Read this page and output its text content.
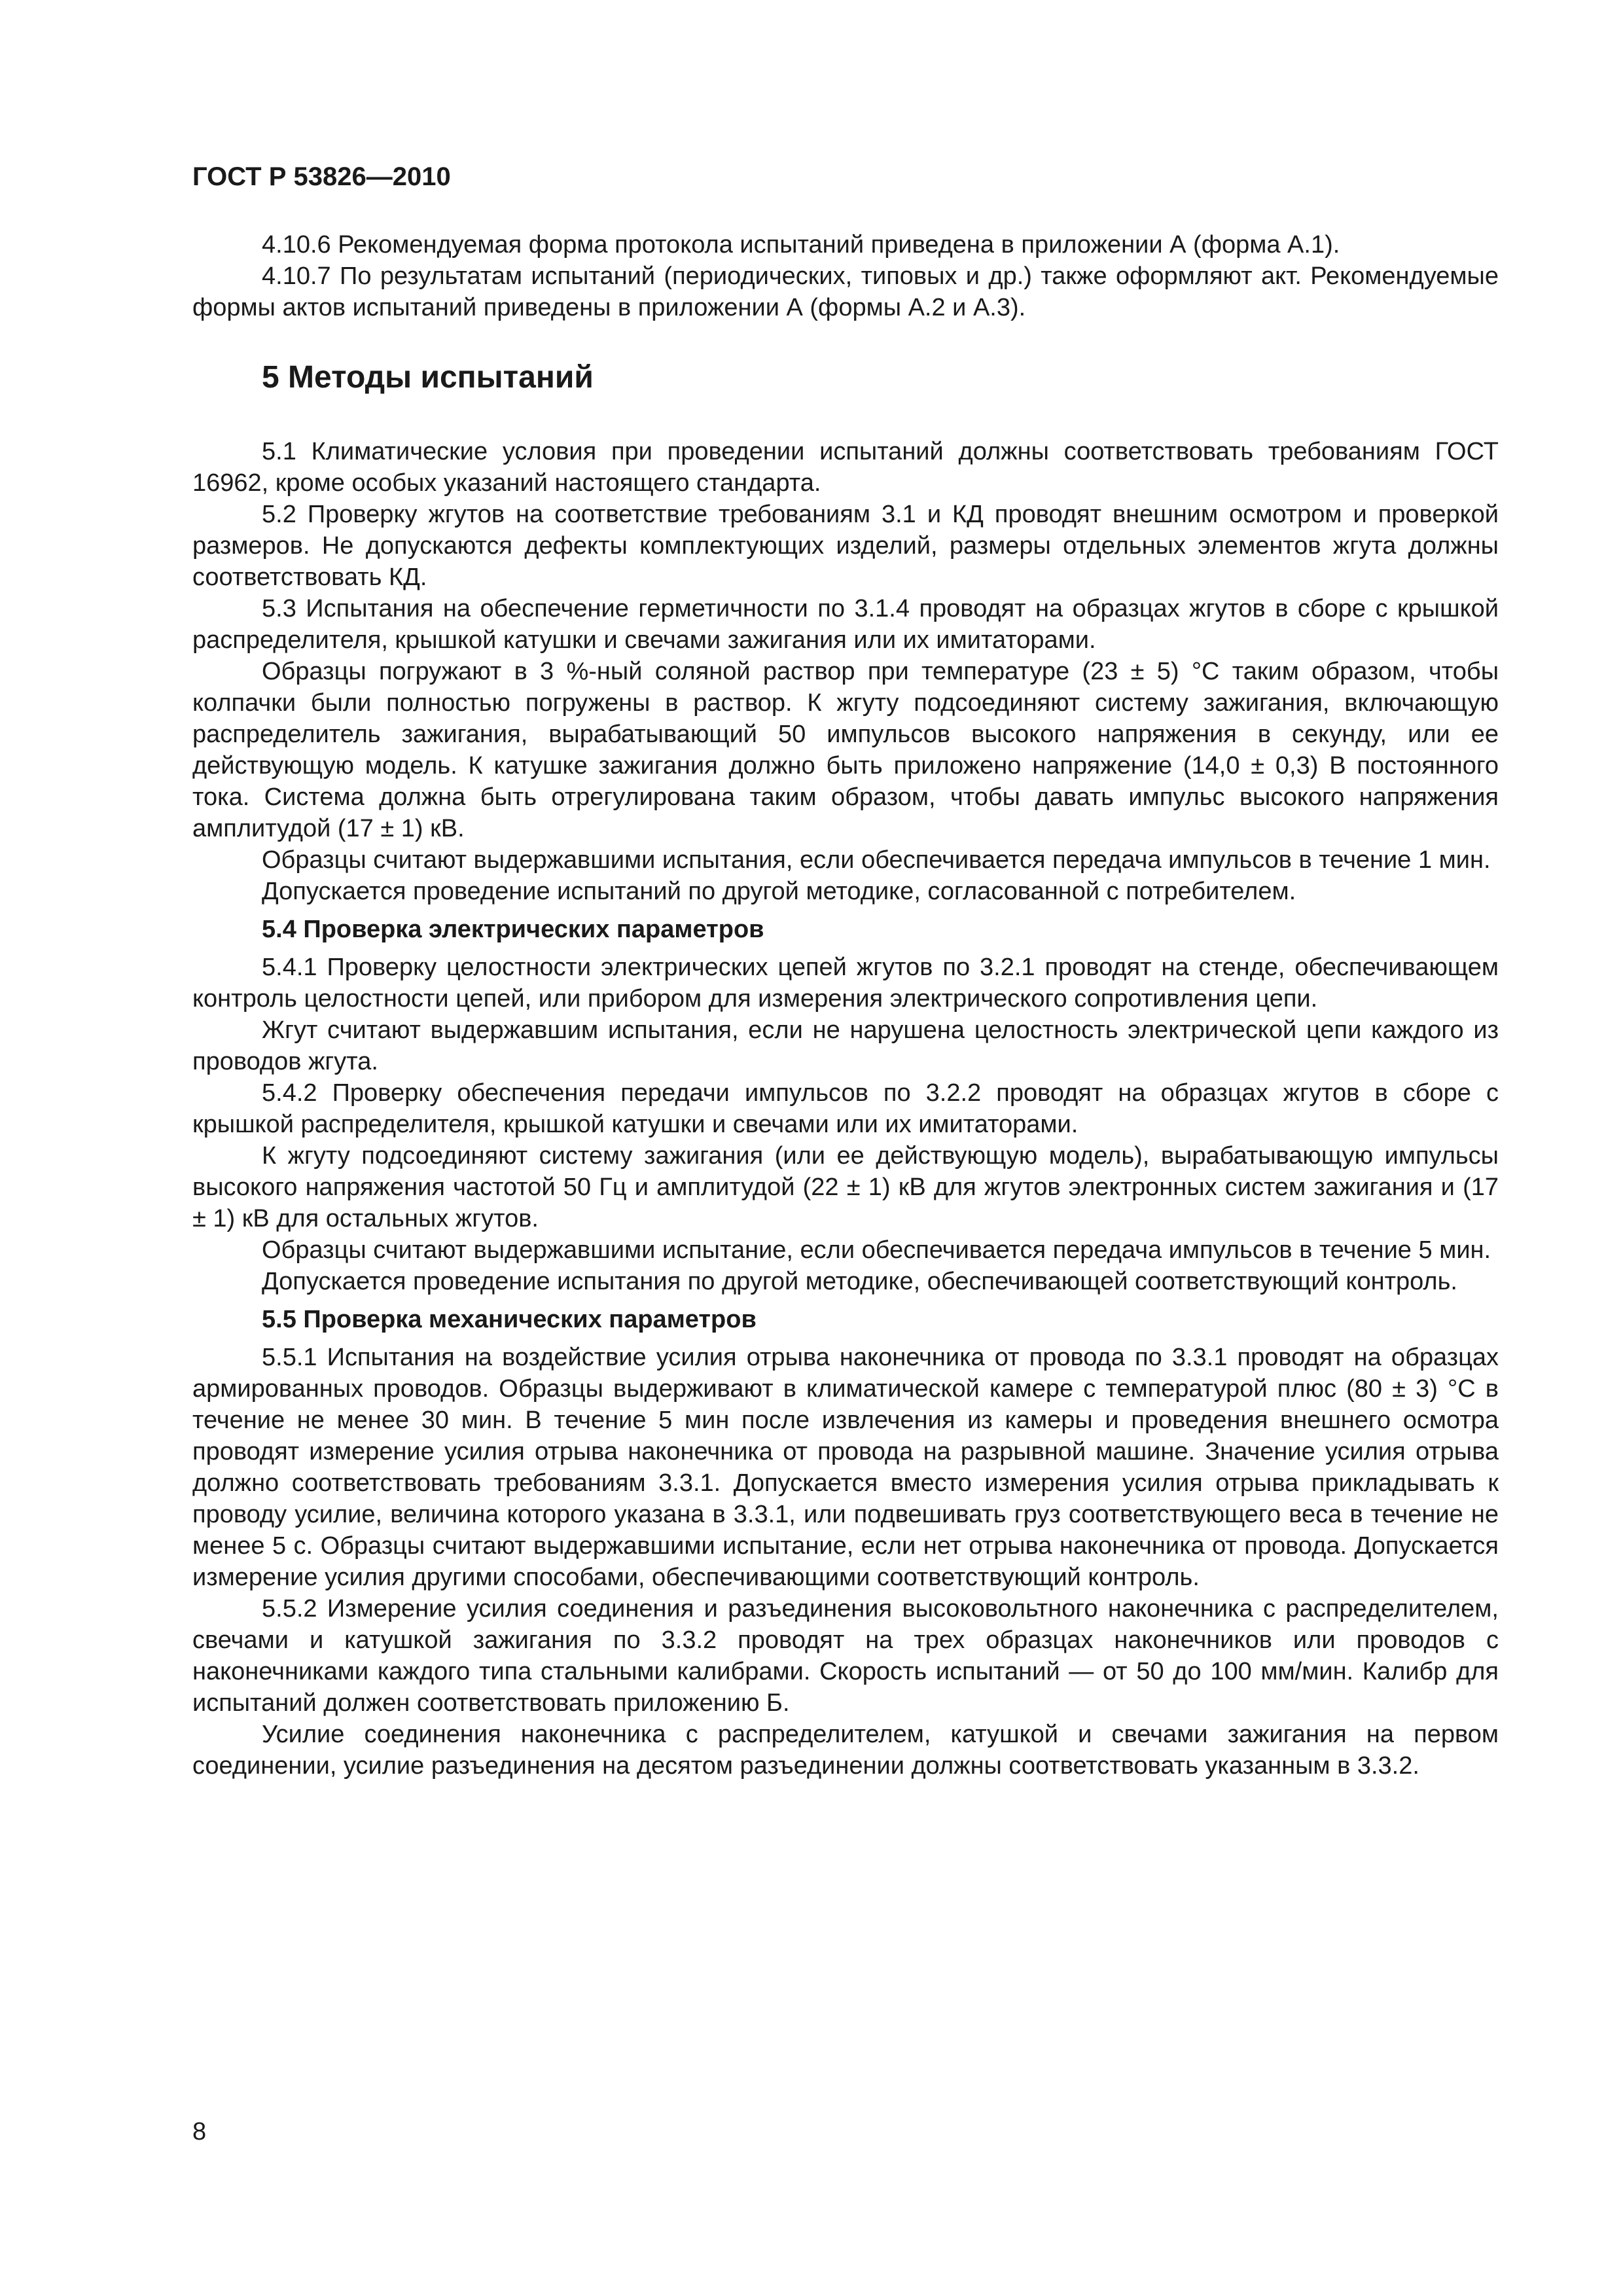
ГОСТ Р 53826—2010

4.10.6 Рекомендуемая форма протокола испытаний приведена в приложении А (форма А.1).

4.10.7 По результатам испытаний (периодических, типовых и др.) также оформляют акт. Рекомендуемые формы актов испытаний приведены в приложении А (формы А.2 и А.3).

5 Методы испытаний

5.1 Климатические условия при проведении испытаний должны соответствовать требованиям ГОСТ 16962, кроме особых указаний настоящего стандарта.

5.2 Проверку жгутов на соответствие требованиям 3.1 и КД проводят внешним осмотром и проверкой размеров. Не допускаются дефекты комплектующих изделий, размеры отдельных элементов жгута должны соответствовать КД.

5.3 Испытания на обеспечение герметичности по 3.1.4 проводят на образцах жгутов в сборе с крышкой распределителя, крышкой катушки и свечами зажигания или их имитаторами.

Образцы погружают в 3 %-ный соляной раствор при температуре (23 ± 5) °С таким образом, чтобы колпачки были полностью погружены в раствор. К жгуту подсоединяют систему зажигания, включающую распределитель зажигания, вырабатывающий 50 импульсов высокого напряжения в секунду, или ее действующую модель. К катушке зажигания должно быть приложено напряжение (14,0 ± 0,3) В постоянного тока. Система должна быть отрегулирована таким образом, чтобы давать импульс высокого напряжения амплитудой (17 ± 1) кВ.

Образцы считают выдержавшими испытания, если обеспечивается передача импульсов в течение 1 мин.

Допускается проведение испытаний по другой методике, согласованной с потребителем.

5.4 Проверка электрических параметров

5.4.1 Проверку целостности электрических цепей жгутов по 3.2.1 проводят на стенде, обеспечивающем контроль целостности цепей, или прибором для измерения электрического сопротивления цепи.

Жгут считают выдержавшим испытания, если не нарушена целостность электрической цепи каждого из проводов жгута.

5.4.2 Проверку обеспечения передачи импульсов по 3.2.2 проводят на образцах жгутов в сборе с крышкой распределителя, крышкой катушки и свечами или их имитаторами.

К жгуту подсоединяют систему зажигания (или ее действующую модель), вырабатывающую импульсы высокого напряжения частотой 50 Гц и амплитудой (22 ± 1) кВ для жгутов электронных систем зажигания и (17 ± 1) кВ для остальных жгутов.

Образцы считают выдержавшими испытание, если обеспечивается передача импульсов в течение 5 мин.

Допускается проведение испытания по другой методике, обеспечивающей соответствующий контроль.

5.5 Проверка механических параметров

5.5.1 Испытания на воздействие усилия отрыва наконечника от провода по 3.3.1 проводят на образцах армированных проводов. Образцы выдерживают в климатической камере с температурой плюс (80 ± 3) °С в течение не менее 30 мин. В течение 5 мин после извлечения из камеры и проведения внешнего осмотра проводят измерение усилия отрыва наконечника от провода на разрывной машине. Значение усилия отрыва должно соответствовать требованиям 3.3.1. Допускается вместо измерения усилия отрыва прикладывать к проводу усилие, величина которого указана в 3.3.1, или подвешивать груз соответствующего веса в течение не менее 5 с. Образцы считают выдержавшими испытание, если нет отрыва наконечника от провода. Допускается измерение усилия другими способами, обеспечивающими соответствующий контроль.

5.5.2 Измерение усилия соединения и разъединения высоковольтного наконечника с распределителем, свечами и катушкой зажигания по 3.3.2 проводят на трех образцах наконечников или проводов с наконечниками каждого типа стальными калибрами. Скорость испытаний — от 50 до 100 мм/мин. Калибр для испытаний должен соответствовать приложению Б.

Усилие соединения наконечника с распределителем, катушкой и свечами зажигания на первом соединении, усилие разъединения на десятом разъединении должны соответствовать указанным в 3.3.2.

8
